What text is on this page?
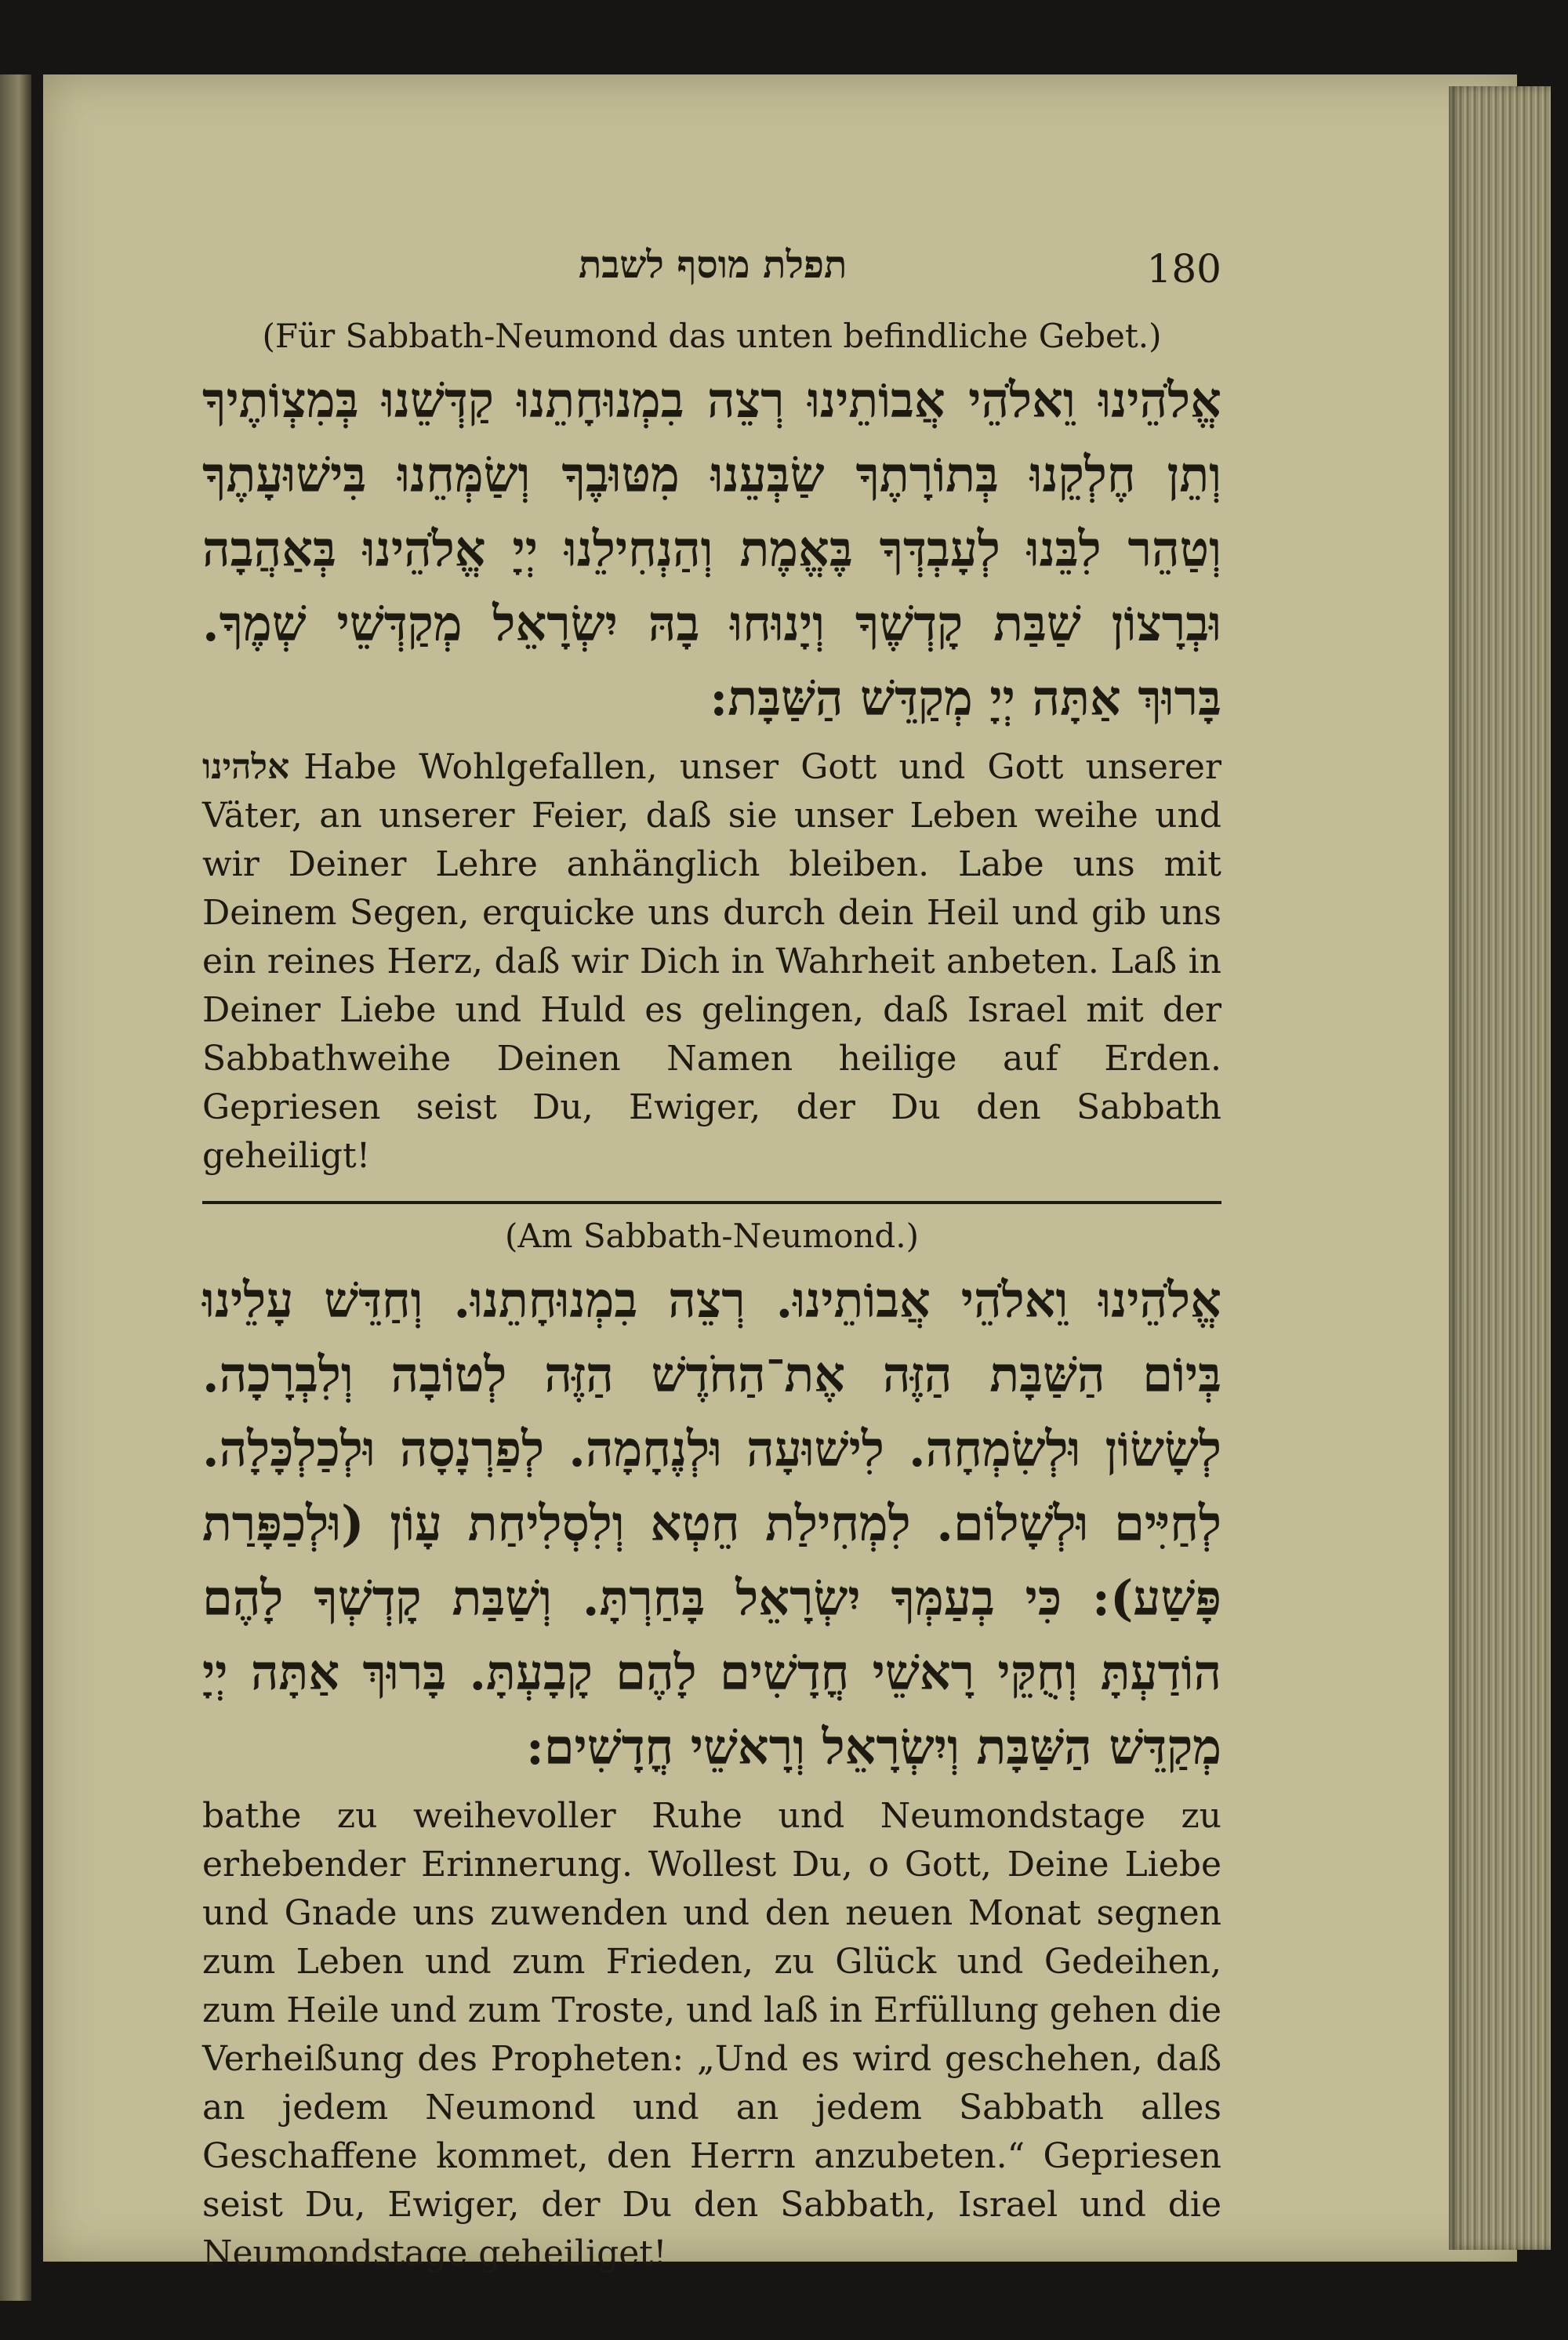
תפלת מוסף לשבת	180
(Für Sabbath-Neumond das unten befindliche Gebet.)
אֱלֹהֵינוּ וֵאלֹהֵי אֲבוֹתֵינוּ רְצֵה בִמְנוּחָתֵנוּ קַדְּשֵׁנוּ בְּמִצְוֹתֶיךָ וְתֵן חֶלְקֵנוּ בְּתוֹרָתֶךָ שַׂבְּעֵנוּ מִטּוּבֶךָ וְשַׂמְּחֵנוּ בִּישׁוּעָתֶךָ וְטַהֵר לִבֵּנוּ לְעָבְדְּךָ בֶּאֱמֶת וְהַנְחִילֵנוּ יְיָ אֱלֹהֵינוּ בְּאַהֲבָה וּבְרָצוֹן שַׁבַּת קָדְשֶׁךָ וְיָנוּחוּ בָהּ יִשְׂרָאֵל מְקַדְּשֵׁי שְׁמֶךָ. בָּרוּךְ אַתָּה יְיָ מְקַדֵּשׁ הַשַּׁבָּת:
אלהינו Habe Wohlgefallen, unser Gott und Gott unserer Väter, an unserer Feier, daß sie unser Leben weihe und wir Deiner Lehre anhänglich bleiben. Labe uns mit Deinem Segen, erquicke uns durch dein Heil und gib uns ein reines Herz, daß wir Dich in Wahrheit anbeten. Laß in Deiner Liebe und Huld es gelingen, daß Israel mit der Sabbathweihe Deinen Namen heilige auf Erden. Gepriesen seist Du, Ewiger, der Du den Sabbath geheiligt!
(Am Sabbath-Neumond.)
אֱלֹהֵינוּ וֵאלֹהֵי אֲבוֹתֵינוּ. רְצֵה בִמְנוּחָתֵנוּ. וְחַדֵּשׁ עָלֵינוּ בְּיוֹם הַשַּׁבָּת הַזֶּה אֶת־הַחֹדֶשׁ הַזֶּה לְטוֹבָה וְלִבְרָכָה. לְשָׂשׂוֹן וּלְשִׂמְחָה. לִישׁוּעָה וּלְנֶחָמָה. לְפַרְנָסָה וּלְכַלְכָּלָה. לְחַיִּים וּלְשָׁלוֹם. לִמְחִילַת חֵטְא וְלִסְלִיחַת עָוֹן (וּלְכַפָּרַת פָּשַׁע): כִּי בְעַמְּךָ יִשְׂרָאֵל בָּחַרְתָּ. וְשַׁבַּת קָדְשְׁךָ לָהֶם הוֹדַעְתָּ וְחֻקֵּי רָאשֵׁי חֳדָשִׁים לָהֶם קָבָעְתָּ. בָּרוּךְ אַתָּה יְיָ מְקַדֵּשׁ הַשַּׁבָּת וְיִשְׂרָאֵל וְרָאשֵׁי חֳדָשִׁים:
bathe zu weihevoller Ruhe und Neumondstage zu erhebender Erinnerung. Wollest Du, o Gott, Deine Liebe und Gnade uns zuwenden und den neuen Monat segnen zum Leben und zum Frieden, zu Glück und Gedeihen, zum Heile und zum Troste, und laß in Erfüllung gehen die Verheißung des Propheten: „Und es wird geschehen, daß an jedem Neumond und an jedem Sabbath alles Geschaffene kommet, den Herrn anzubeten.“ Gepriesen seist Du, Ewiger, der Du den Sabbath, Israel und die Neumondstage geheiliget!
